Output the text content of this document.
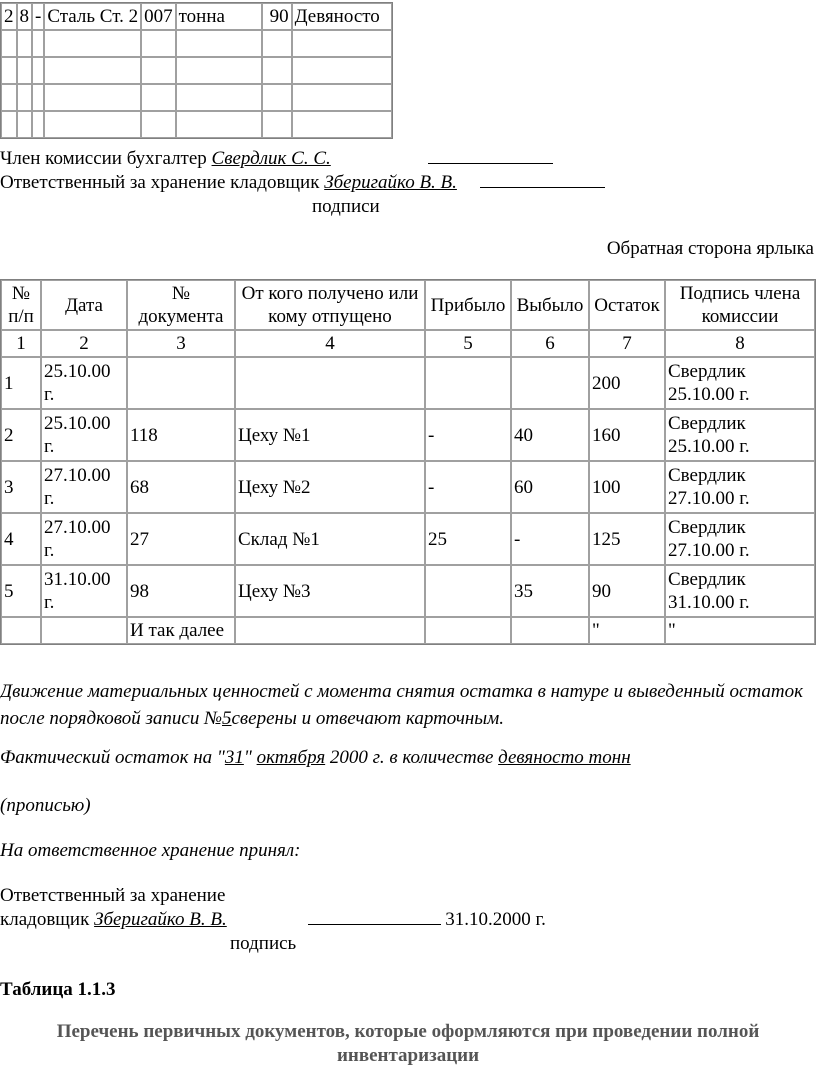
2	8	-	Сталь Ст. 2	007	тонна	90	Девяносто

Член комиссии бухгалтер Свердлик С. С.
Ответственный за хранение кладовщик Зберигайко В. В.
подписи
Обратная сторона ярлыка
№ п/п	Дата	№ документа	От кого получено или кому отпущено	Прибыло	Выбыло	Остаток	Подпись члена комиссии
1	2	3	4	5	6	7	8
1	25.10.00 г.					200	Свердлик 25.10.00 г.
2	25.10.00 г.	118	Цеху №1	-	40	160	Свердлик 25.10.00 г.
3	27.10.00 г.	68	Цеху №2	-	60	100	Свердлик 27.10.00 г.
4	27.10.00 г.	27	Склад №1	25	-	125	Свердлик 27.10.00 г.
5	31.10.00 г.	98	Цеху №3		35	90	Свердлик 31.10.00 г.
		И так далее				"	"
Движение материальных ценностей с момента снятия остатка в натуре и выведенный остаток после порядковой записи №5сверены и отвечают карточным.
Фактический остаток на "31" октября 2000 г. в количестве девяносто тонн
(прописью)
На ответственное хранение принял:
Ответственный за хранение
кладовщик Зберигайко В. В.	31.10.2000 г.
подпись
Таблица 1.1.3
Перечень первичных документов, которые оформляются при проведении полной инвентаризации
